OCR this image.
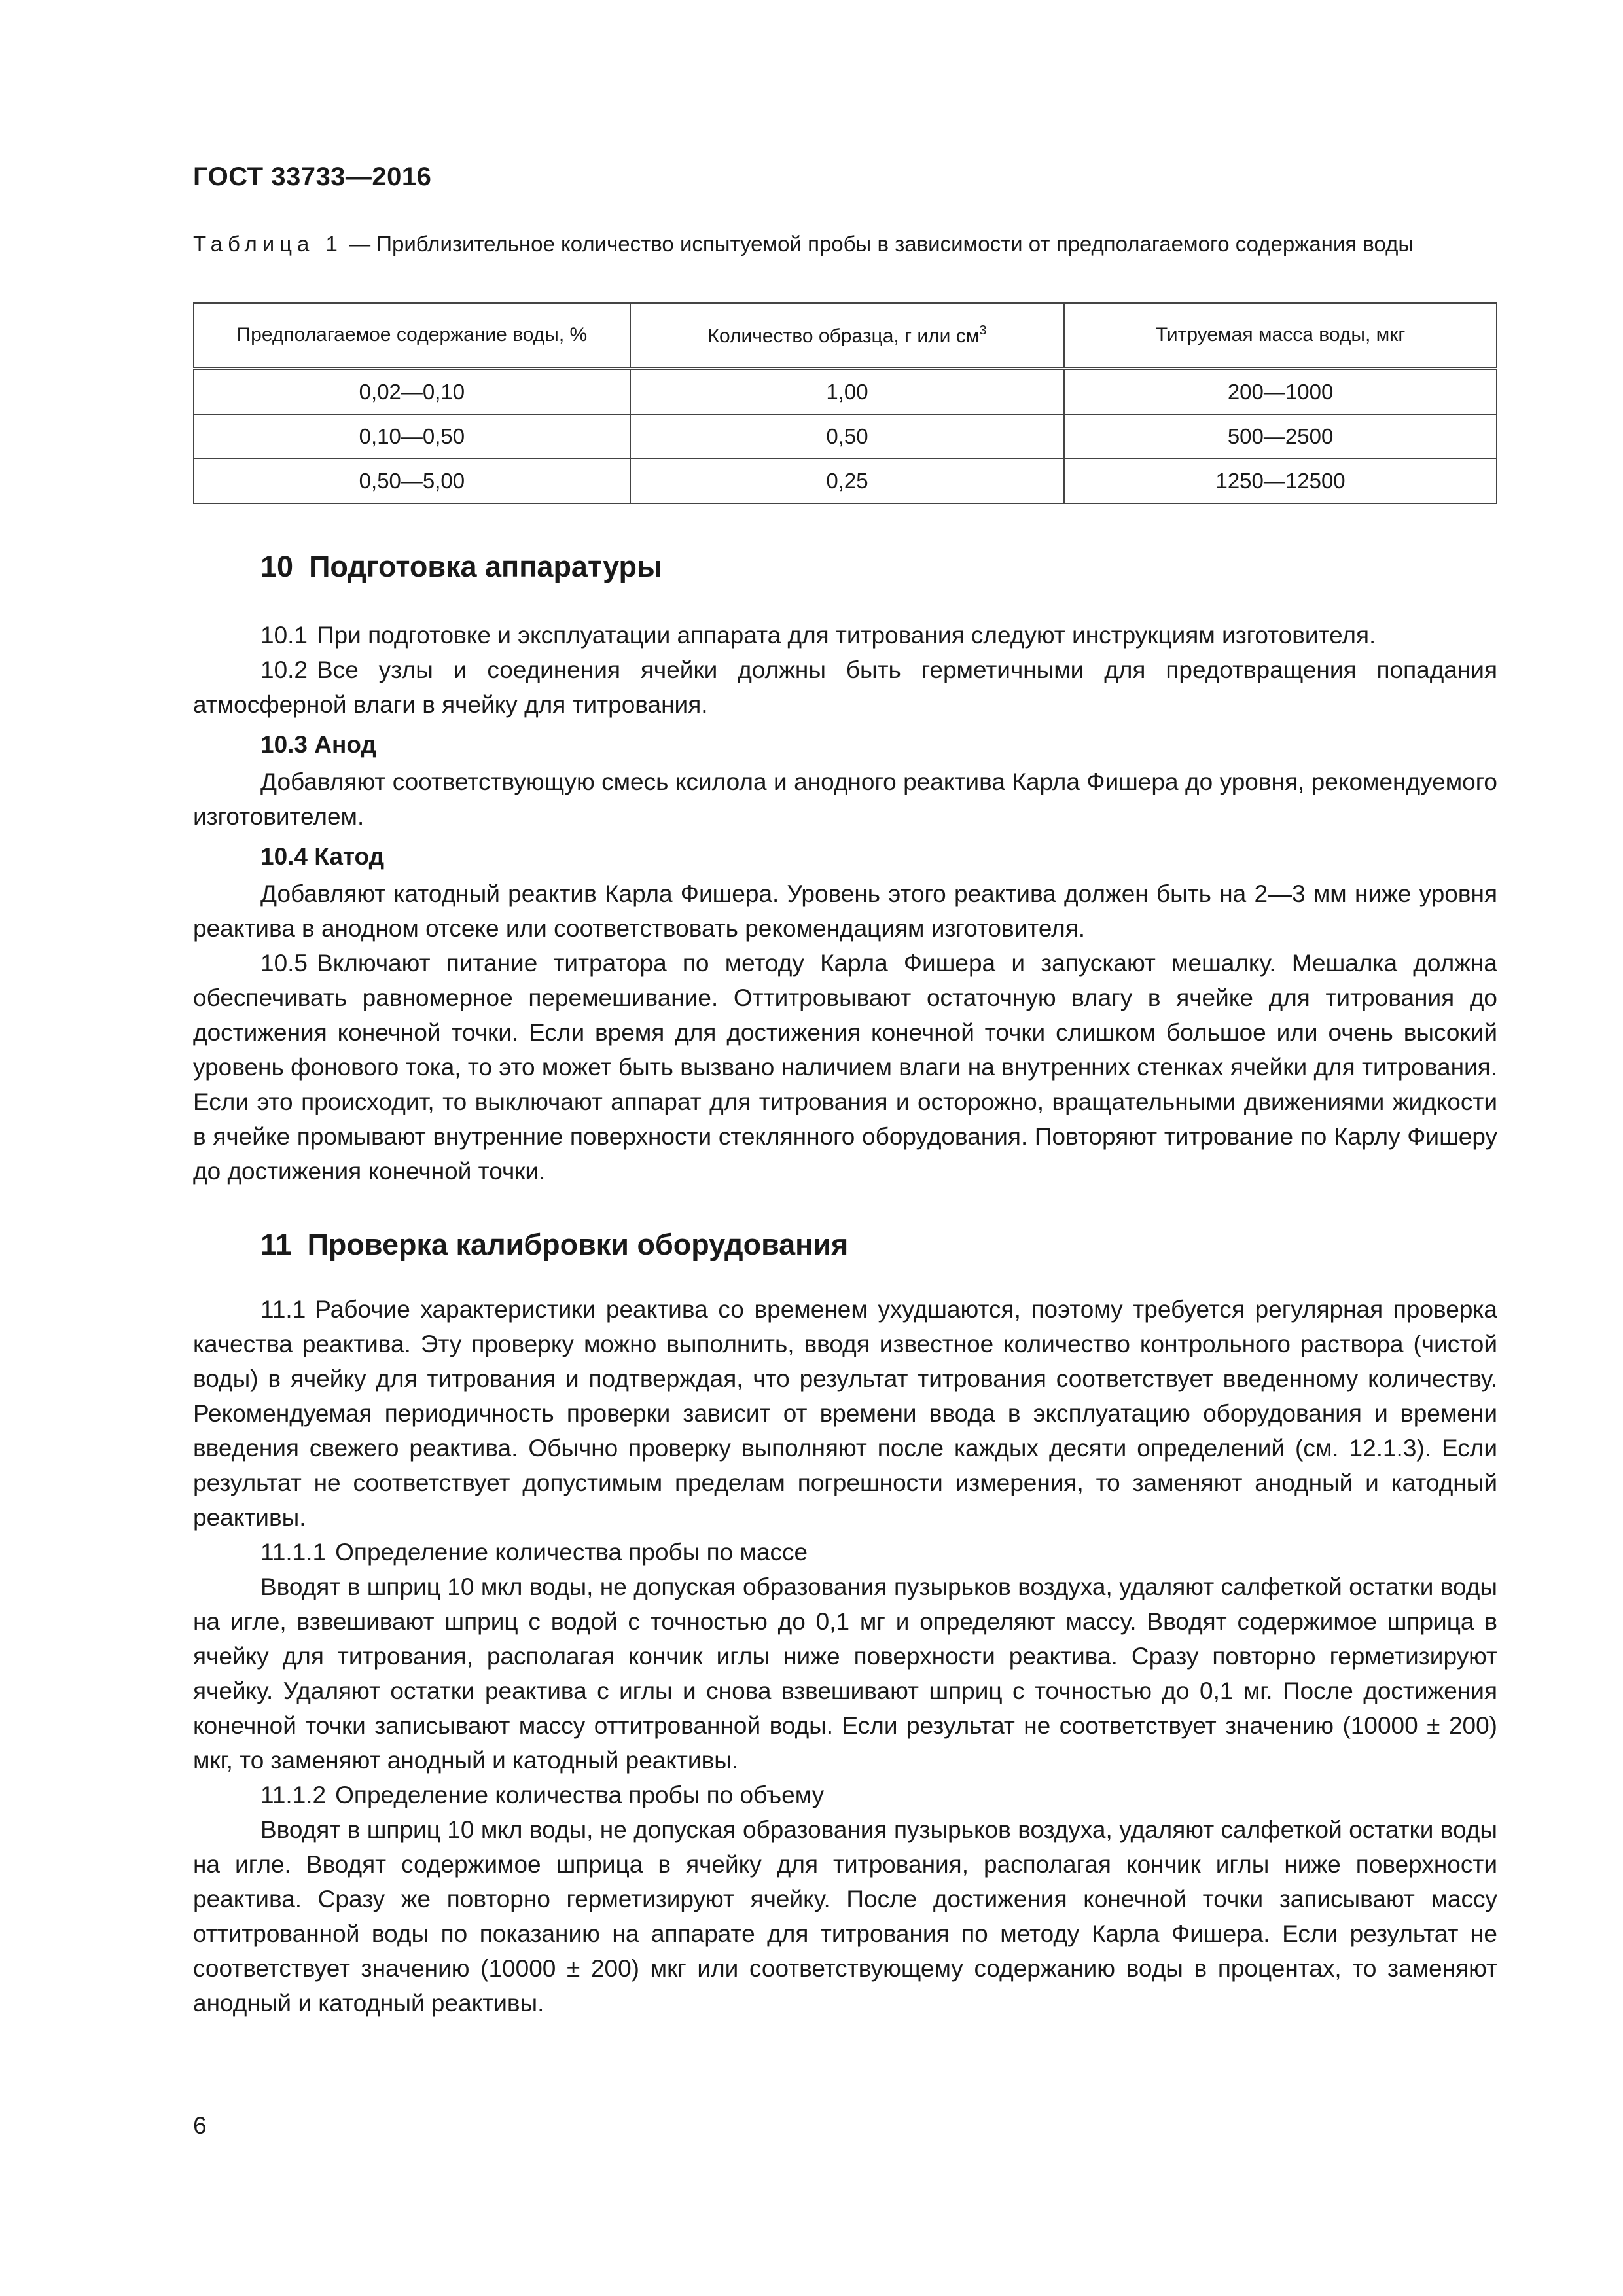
ГОСТ 33733—2016
Таблица 1 — Приблизительное количество испытуемой пробы в зависимости от предполагаемого содержания воды
Предполагаемое содержание воды, %	Количество образца, г или $см^3$	Титруемая масса воды, мкг
0,02—0,10	1,00	200—1000
0,10—0,50	0,50	500—2500
0,50—5,00	0,25	1250—12500
10 Подготовка аппаратуры

10.1 При подготовке и эксплуатации аппарата для титрования следуют инструкциям изготовителя.

10.2 Все узлы и соединения ячейки должны быть герметичными для предотвращения попадания атмосферной влаги в ячейку для титрования.

10.3 Анод

Добавляют соответствующую смесь ксилола и анодного реактива Карла Фишера до уровня, рекомендуемого изготовителем.

10.4 Катод

Добавляют катодный реактив Карла Фишера. Уровень этого реактива должен быть на 2—3 мм ниже уровня реактива в анодном отсеке или соответствовать рекомендациям изготовителя.

10.5 Включают питание титратора по методу Карла Фишера и запускают мешалку. Мешалка должна обеспечивать равномерное перемешивание. Оттитровывают остаточную влагу в ячейке для титрования до достижения конечной точки. Если время для достижения конечной точки слишком большое или очень высокий уровень фонового тока, то это может быть вызвано наличием влаги на внутренних стенках ячейки для титрования. Если это происходит, то выключают аппарат для титрования и осторожно, вращательными движениями жидкости в ячейке промывают внутренние поверхности стеклянного оборудования. Повторяют титрование по Карлу Фишеру до достижения конечной точки.

11 Проверка калибровки оборудования

11.1 Рабочие характеристики реактива со временем ухудшаются, поэтому требуется регулярная проверка качества реактива. Эту проверку можно выполнить, вводя известное количество контрольного раствора (чистой воды) в ячейку для титрования и подтверждая, что результат титрования соответствует введенному количеству. Рекомендуемая периодичность проверки зависит от времени ввода в эксплуатацию оборудования и времени введения свежего реактива. Обычно проверку выполняют после каждых десяти определений (см. 12.1.3). Если результат не соответствует допустимым пределам погрешности измерения, то заменяют анодный и катодный реактивы.

11.1.1 Определение количества пробы по массе

Вводят в шприц 10 мкл воды, не допуская образования пузырьков воздуха, удаляют салфеткой остатки воды на игле, взвешивают шприц с водой с точностью до 0,1 мг и определяют массу. Вводят содержимое шприца в ячейку для титрования, располагая кончик иглы ниже поверхности реактива. Сразу повторно герметизируют ячейку. Удаляют остатки реактива с иглы и снова взвешивают шприц с точностью до 0,1 мг. После достижения конечной точки записывают массу оттитрованной воды. Если результат не соответствует значению (10000 ± 200) мкг, то заменяют анодный и катодный реактивы.

11.1.2 Определение количества пробы по объему

Вводят в шприц 10 мкл воды, не допуская образования пузырьков воздуха, удаляют салфеткой остатки воды на игле. Вводят содержимое шприца в ячейку для титрования, располагая кончик иглы ниже поверхности реактива. Сразу же повторно герметизируют ячейку. После достижения конечной точки записывают массу оттитрованной воды по показанию на аппарате для титрования по методу Карла Фишера. Если результат не соответствует значению (10000 ± 200) мкг или соответствующему содержанию воды в процентах, то заменяют анодный и катодный реактивы.

6
